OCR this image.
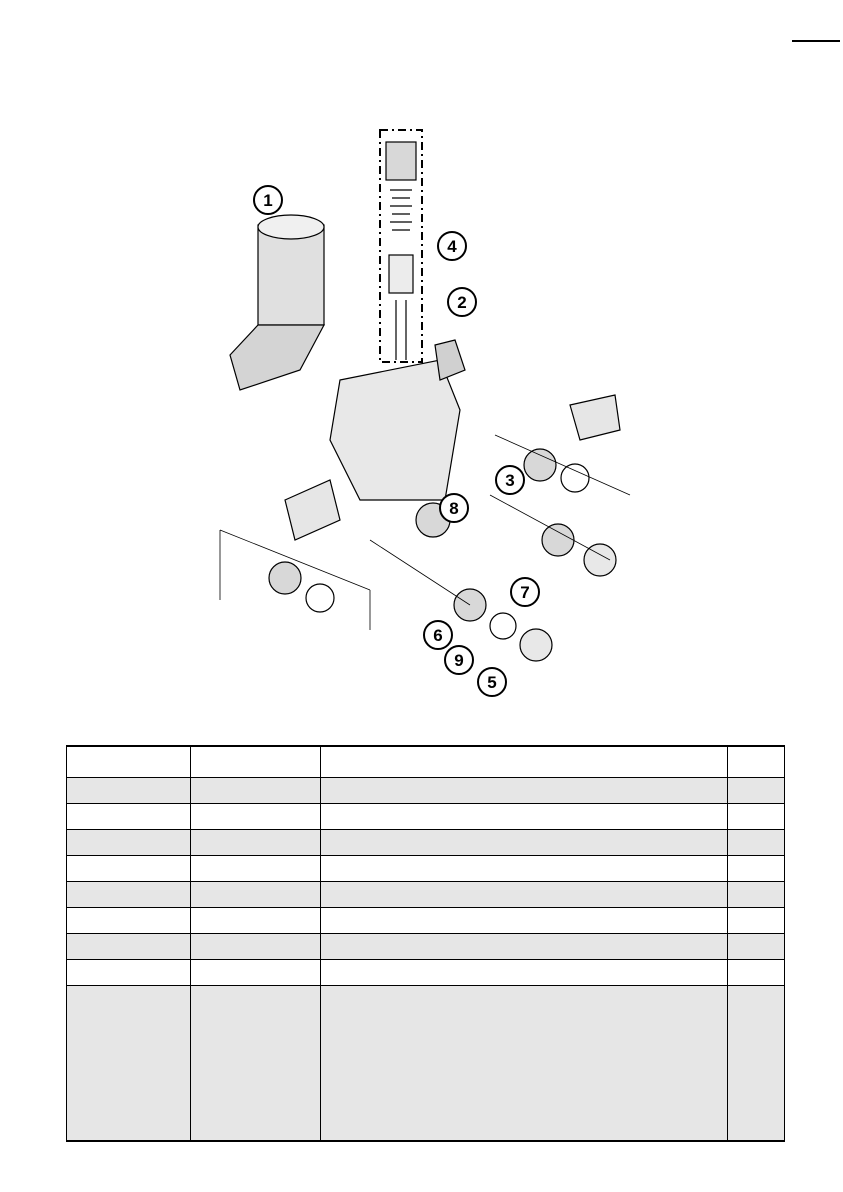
1
2
3
4
5
6
7
8
9
